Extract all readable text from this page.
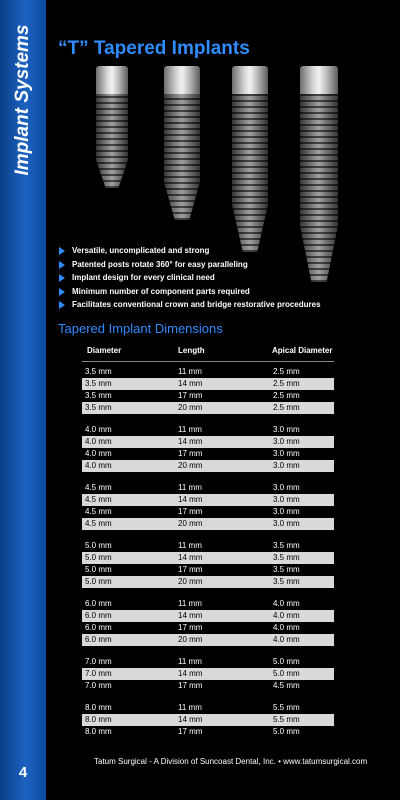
Implant Systems
4
“T” Tapered Implants
Versatile, uncomplicated and strong
Patented posts rotate 360° for easy paralleling
Implant design for every clinical need
Minimum number of component parts required
Facilitates conventional crown and bridge restorative procedures
Tapered Implant Dimensions
Diameter	Length	Apical Diameter
3.5 mm	11 mm	2.5 mm
3.5 mm	14 mm	2.5 mm
3.5 mm	17 mm	2.5 mm
3.5 mm	20 mm	2.5 mm
4.0 mm	11 mm	3.0 mm
4.0 mm	14 mm	3.0 mm
4.0 mm	17 mm	3.0 mm
4.0 mm	20 mm	3.0 mm
4.5 mm	11 mm	3.0 mm
4.5 mm	14 mm	3.0 mm
4.5 mm	17 mm	3.0 mm
4.5 mm	20 mm	3.0 mm
5.0 mm	11 mm	3.5 mm
5.0 mm	14 mm	3.5 mm
5.0 mm	17 mm	3.5 mm
5.0 mm	20 mm	3.5 mm
6.0 mm	11 mm	4.0 mm
6.0 mm	14 mm	4.0 mm
6.0 mm	17 mm	4.0 mm
6.0 mm	20 mm	4.0 mm
7.0 mm	11 mm	5.0 mm
7.0 mm	14 mm	5.0 mm
7.0 mm	17 mm	4.5 mm
8.0 mm	11 mm	5.5 mm
8.0 mm	14 mm	5.5 mm
8.0 mm	17 mm	5.0 mm
Tatum Surgical - A Division of Suncoast Dental, Inc. • www.tatumsurgical.com
